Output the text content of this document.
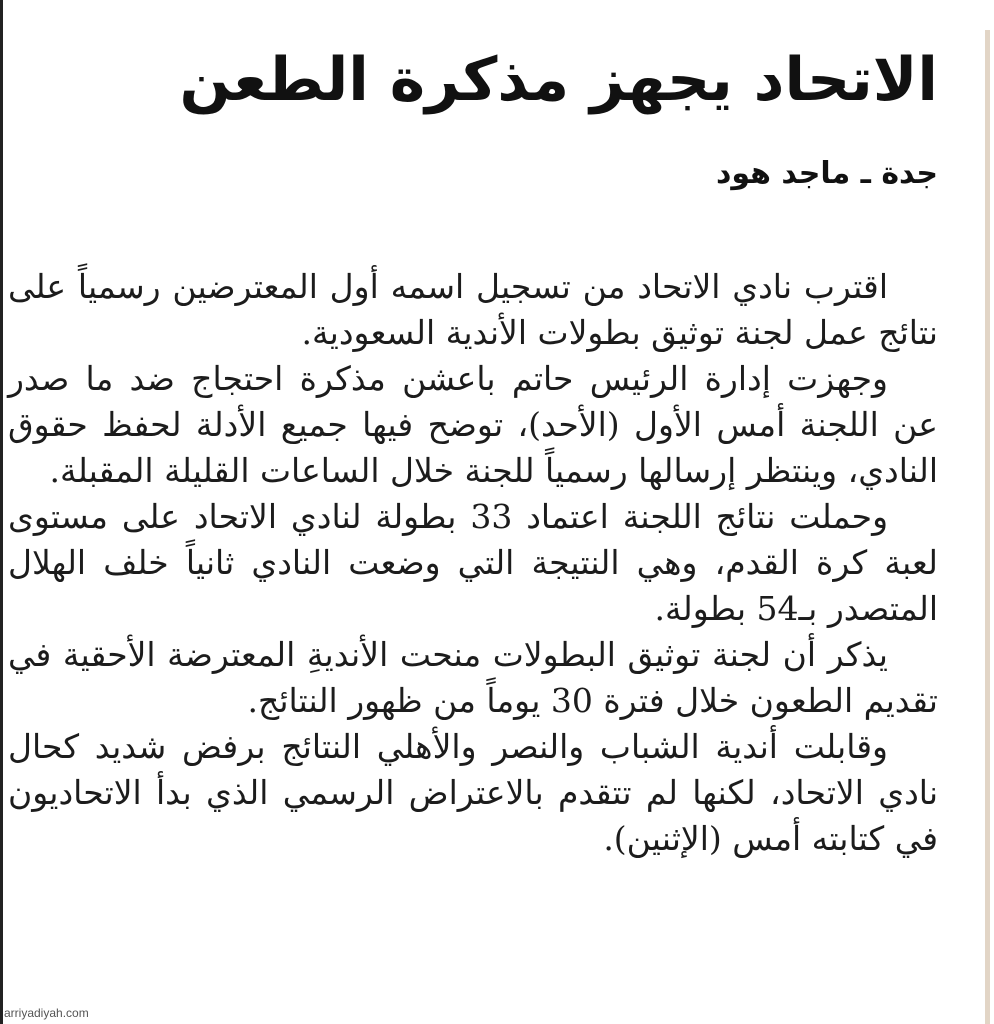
الاتحاد يجهز مذكرة الطعن
جدة ـ ماجد هود

اقترب نادي الاتحاد من تسجيل اسمه أول المعترضين رسمياً على نتائج عمل لجنة توثيق بطولات الأندية السعودية.

وجهزت إدارة الرئيس حاتم باعشن مذكرة احتجاج ضد ما صدر عن اللجنة أمس الأول (الأحد)، توضح فيها جميع الأدلة لحفظ حقوق النادي، وينتظر إرسالها رسمياً للجنة خلال الساعات القليلة المقبلة.

وحملت نتائج اللجنة اعتماد 33 بطولة لنادي الاتحاد على مستوى لعبة كرة القدم، وهي النتيجة التي وضعت النادي ثانياً خلف الهلال المتصدر بـ54 بطولة.

يذكر أن لجنة توثيق البطولات منحت الأنديةِ المعترضة الأحقية في تقديم الطعون خلال فترة 30 يوماً من ظهور النتائج.

وقابلت أندية الشباب والنصر والأهلي النتائج برفض شديد كحال نادي الاتحاد، لكنها لم تتقدم بالاعتراض الرسمي الذي بدأ الاتحاديون في كتابته أمس (الإثنين).

arriyadiyah.com
